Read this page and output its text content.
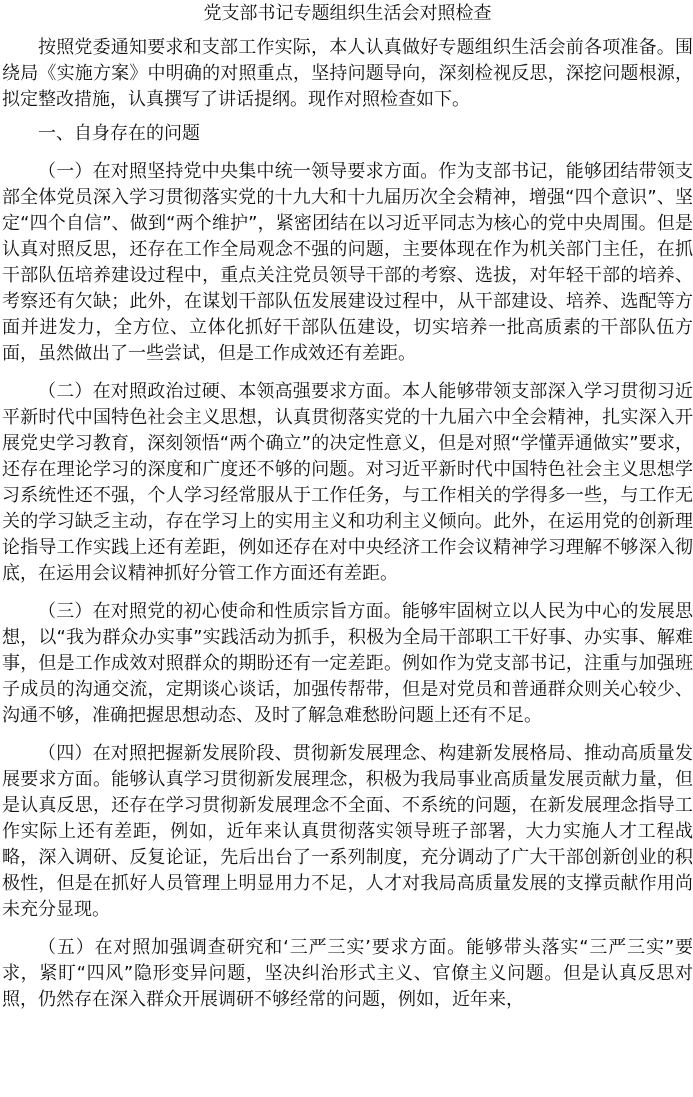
党支部书记专题组织生活会对照检查

按照党委通知要求和支部工作实际，本人认真做好专题组织生活会前各项准备。围绕局《实施方案》中明确的对照重点，坚持问题导向，深刻检视反思，深挖问题根源，拟定整改措施，认真撰写了讲话提纲。现作对照检查如下。

一、自身存在的问题

（一）在对照坚持党中央集中统一领导要求方面。作为支部书记，能够团结带领支部全体党员深入学习贯彻落实党的十九大和十九届历次全会精神，增强“四个意识”、坚定“四个自信”、做到“两个维护”，紧密团结在以习近平同志为核心的党中央周围。但是认真对照反思，还存在工作全局观念不强的问题，主要体现在作为机关部门主任，在抓干部队伍培养建设过程中，重点关注党员领导干部的考察、选拔，对年轻干部的培养、考察还有欠缺；此外，在谋划干部队伍发展建设过程中，从干部建设、培养、选配等方面并进发力，全方位、立体化抓好干部队伍建设，切实培养一批高质素的干部队伍方面，虽然做出了一些尝试，但是工作成效还有差距。

（二）在对照政治过硬、本领高强要求方面。本人能够带领支部深入学习贯彻习近平新时代中国特色社会主义思想，认真贯彻落实党的十九届六中全会精神，扎实深入开展党史学习教育，深刻领悟“两个确立”的决定性意义，但是对照“学懂弄通做实”要求，还存在理论学习的深度和广度还不够的问题。对习近平新时代中国特色社会主义思想学习系统性还不强，个人学习经常服从于工作任务，与工作相关的学得多一些，与工作无关的学习缺乏主动，存在学习上的实用主义和功利主义倾向。此外，在运用党的创新理论指导工作实践上还有差距，例如还存在对中央经济工作会议精神学习理解不够深入彻底，在运用会议精神抓好分管工作方面还有差距。

（三）在对照党的初心使命和性质宗旨方面。能够牢固树立以人民为中心的发展思想，以“我为群众办实事”实践活动为抓手，积极为全局干部职工干好事、办实事、解难事，但是工作成效对照群众的期盼还有一定差距。例如作为党支部书记，注重与加强班子成员的沟通交流，定期谈心谈话，加强传帮带，但是对党员和普通群众则关心较少、沟通不够，准确把握思想动态、及时了解急难愁盼问题上还有不足。

（四）在对照把握新发展阶段、贯彻新发展理念、构建新发展格局、推动高质量发展要求方面。能够认真学习贯彻新发展理念，积极为我局事业高质量发展贡献力量，但是认真反思，还存在学习贯彻新发展理念不全面、不系统的问题，在新发展理念指导工作实际上还有差距，例如，近年来认真贯彻落实领导班子部署，大力实施人才工程战略，深入调研、反复论证，先后出台了一系列制度，充分调动了广大干部创新创业的积极性，但是在抓好人员管理上明显用力不足，人才对我局高质量发展的支撑贡献作用尚未充分显现。

（五）在对照加强调查研究和‘三严三实’要求方面。能够带头落实“三严三实”要求，紧盯“四风”隐形变异问题，坚决纠治形式主义、官僚主义问题。但是认真反思对照，仍然存在深入群众开展调研不够经常的问题，例如，近年来，
